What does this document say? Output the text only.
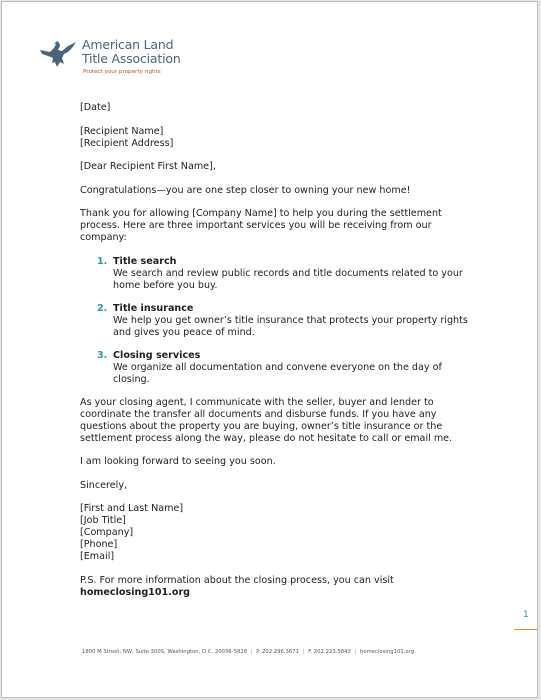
American Land
Title Association
Protect your property rights

[Date]

[Recipient Name]
[Recipient Address]

[Dear Recipient First Name],

Congratulations—you are one step closer to owning your new home!

Thank you for allowing [Company Name] to help you during the settlement process. Here are three important services you will be receiving from our company:

1. Title search
We search and review public records and title documents related to your home before you buy.
2. Title insurance
We help you get owner’s title insurance that protects your property rights and gives you peace of mind.
3. Closing services
We organize all documentation and convene everyone on the day of closing.

As your closing agent, I communicate with the seller, buyer and lender to coordinate the transfer all documents and disburse funds. If you have any questions about the property you are buying, owner’s title insurance or the settlement process along the way, please do not hesitate to call or email me.

I am looking forward to seeing you soon.

Sincerely,

[First and Last Name]
[Job Title]
[Company]
[Phone]
[Email]

P.S. For more information about the closing process, you can visit
homeclosing101.org

1
1800 M Street, NW, Suite 300S, Washington, D.C. 20036-5828 | P. 202.296.3671 | F. 202.223.5843 | homeclosing101.org
